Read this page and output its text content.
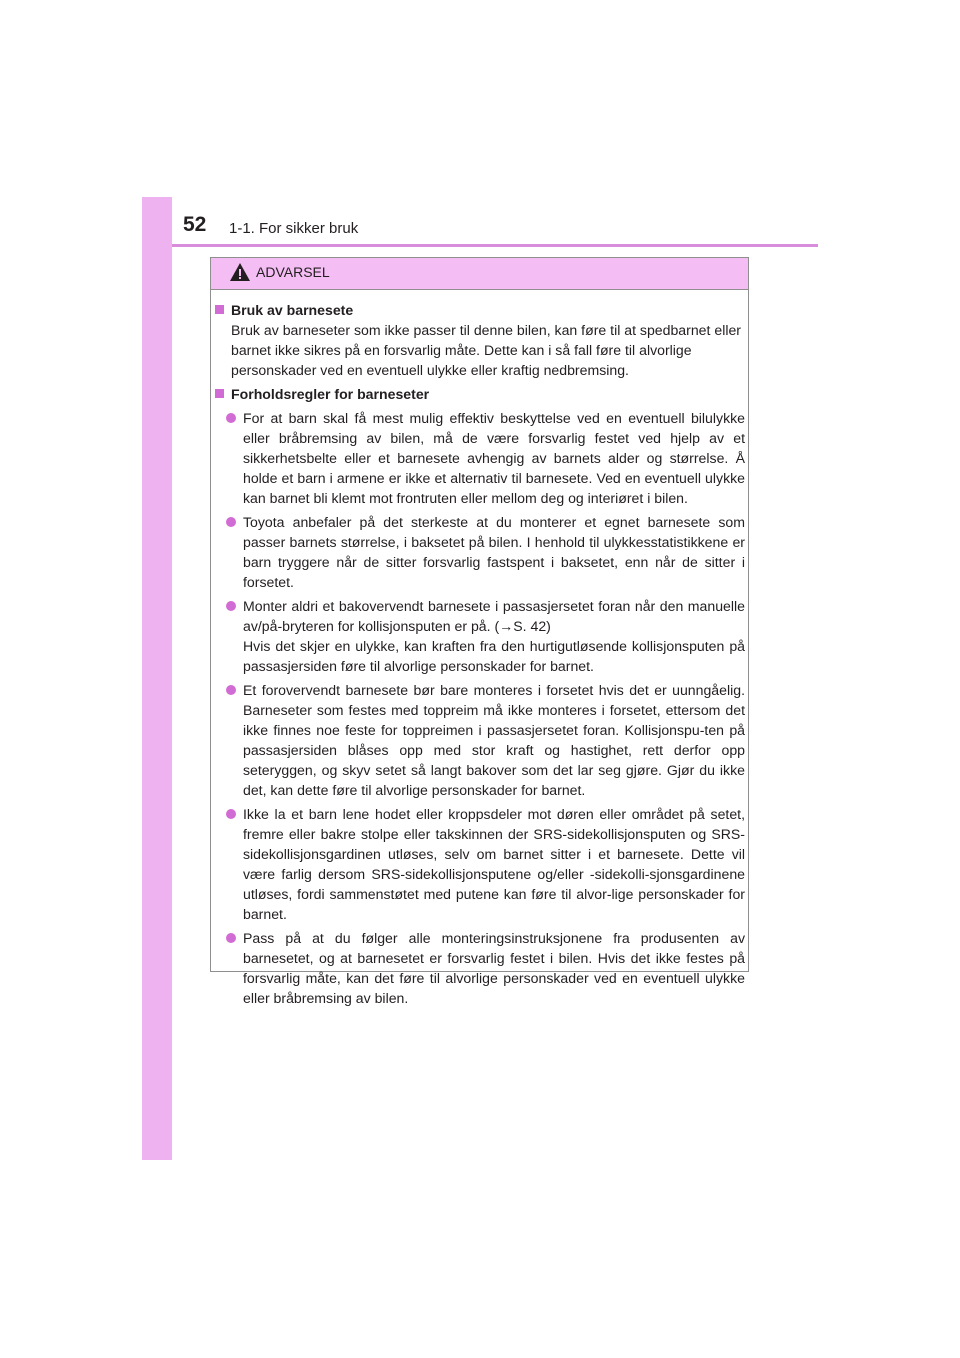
52 1-1. For sikker bruk
ADVARSEL
Bruk av barnesete

Bruk av barneseter som ikke passer til denne bilen, kan føre til at spedbarnet eller barnet ikke sikres på en forsvarlig måte. Dette kan i så fall føre til alvorlige personskader ved en eventuell ulykke eller kraftig nedbremsing.

Forholdsregler for barneseter
For at barn skal få mest mulig effektiv beskyttelse ved en eventuell bilulykke eller bråbremsing av bilen, må de være forsvarlig festet ved hjelp av et sikkerhetsbelte eller et barnesete avhengig av barnets alder og størrelse. Å holde et barn i armene er ikke et alternativ til barnesete. Ved en eventuell ulykke kan barnet bli klemt mot frontruten eller mellom deg og interiøret i bilen.
Toyota anbefaler på det sterkeste at du monterer et egnet barnesete som passer barnets størrelse, i baksetet på bilen. I henhold til ulykkesstatistikkene er barn tryggere når de sitter forsvarlig fastspent i baksetet, enn når de sitter i forsetet.
Monter aldri et bakovervendt barnesete i passasjersetet foran når den manuelle av/på-bryteren for kollisjonsputen er på. (→S. 42)
Hvis det skjer en ulykke, kan kraften fra den hurtigutløsende kollisjonsputen på passasjersiden føre til alvorlige personskader for barnet.
Et forovervendt barnesete bør bare monteres i forsetet hvis det er uunngåelig. Barneseter som festes med toppreim må ikke monteres i forsetet, ettersom det ikke finnes noe feste for toppreimen i passasjersetet foran. Kollisjonspu-ten på passasjersiden blåses opp med stor kraft og hastighet, rett derfor opp seteryggen, og skyv setet så langt bakover som det lar seg gjøre. Gjør du ikke det, kan dette føre til alvorlige personskader for barnet.
Ikke la et barn lene hodet eller kroppsdeler mot døren eller området på setet, fremre eller bakre stolpe eller takskinnen der SRS-sidekollisjonsputen og SRS-sidekollisjonsgardinen utløses, selv om barnet sitter i et barnesete. Dette vil være farlig dersom SRS-sidekollisjonsputene og/eller -sidekolli-sjonsgardinene utløses, fordi sammenstøtet med putene kan føre til alvor-lige personskader for barnet.
Pass på at du følger alle monteringsinstruksjonene fra produsenten av barnesetet, og at barnesetet er forsvarlig festet i bilen. Hvis det ikke festes på forsvarlig måte, kan det føre til alvorlige personskader ved en eventuell ulykke eller bråbremsing av bilen.
